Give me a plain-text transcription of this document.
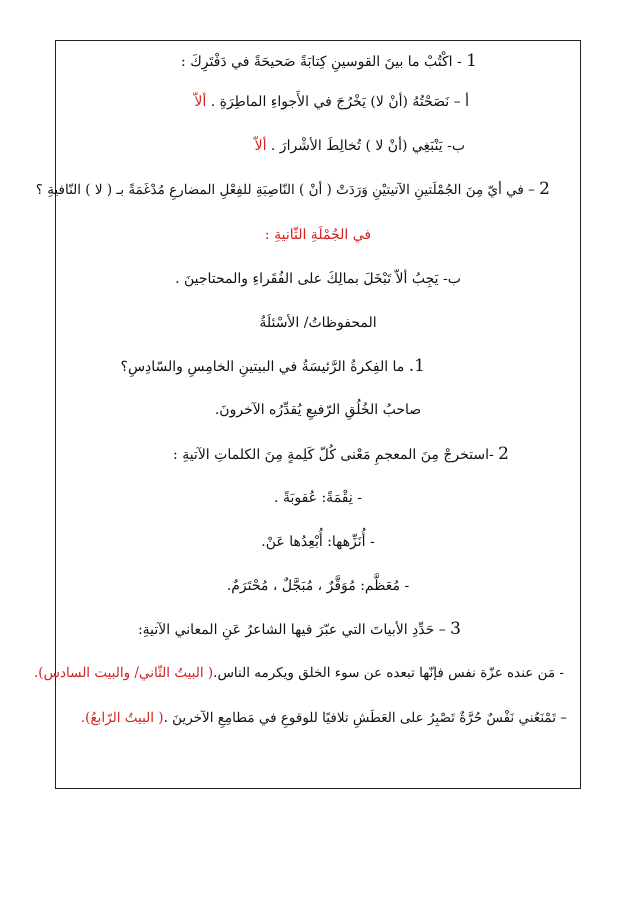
1 - اكْتُبْ ما بينَ القوسينِ كِتابَةً صَحيحَةً في دَفْتَرِكَ :
أ – نَصَحْتُهُ (أنْ لا) يَخْرُجَ في الأَجواءِ الماطِرَةِ . ألاّ
ب- يَنْبَغِي (أنْ لا ) تُخالِطَ الأشْرارَ . ألاّ
2 – في أيّ مِنَ الجُمْلَتينِ الآتيتيْنِ وَرَدَتْ ( أنْ ) النّاصِبَةِ للفِعْلِ المضارعِ مُدْغَمَةً بـ ( لا ) النّافيةِ ؟
في الجُمْلَةِ الثّانيةِ :
ب- يَجِبُ ألاّ تَبْخَلَ بمالِكَ على الفُقَراءِ والمحتاجينَ .
المحفوظاتُ/ الأسْئلَةُ
1. ما الفِكرةُ الرَّئيسَةُ في البيتينِ الخامِسِ والسّادِسِ؟
صاحبُ الخُلُقِ الرّفيعِ يُقدِّرُه الآخرونَ.
2 -استخرجْ مِنَ المعجمِ مَعْنى كُلّ كَلِمةٍ مِنَ الكلماتِ الآتيةِ :
- نِقْمَةً: عُقوبَةً .
- أُنَزِّهها: أُبْعِدُها عَنْ.
- مُعَظَّم: مُوَقَّرٌ ، مُبَجَّلٌ ، مُحْتَرَمٌ.
3 – حَدِّدِ الأبياتَ التي عبّرَ فيها الشاعرُ عَنِ المعاني الآتيةِ:
- مَن عنده عزّة نفس فإنّها تبعده عن سوء الخلق ويكرمه الناس.( البيتُ الثّاني/ والبيت السادس).
– تَمْنَعُني نَفْسٌ حُرَّةٌ تَصْبِرُ على العَطَشِ تلافيًا للوقوعِ في مَطامِعِ الآخرينَ .( البيتُ الرّابعُ).
